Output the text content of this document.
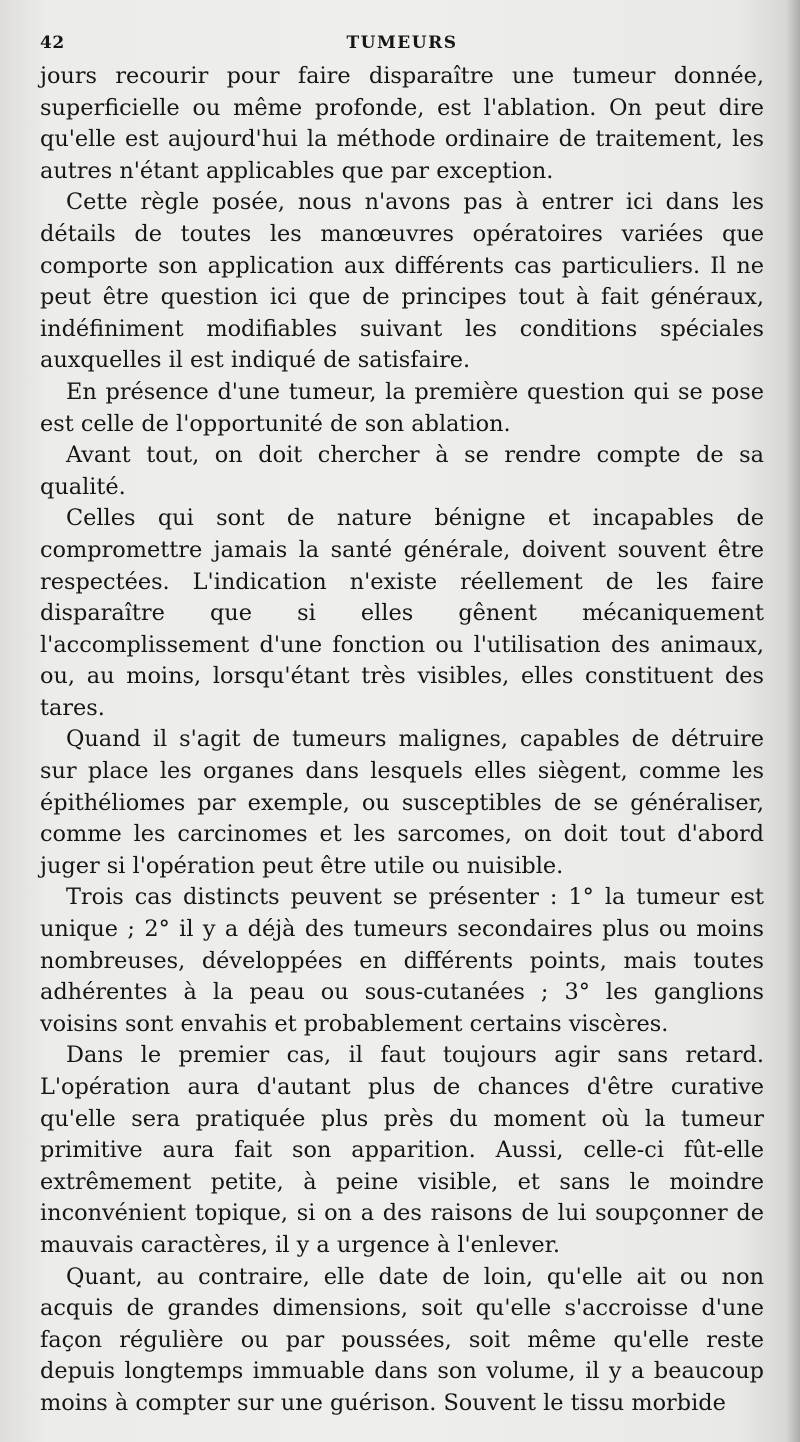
42	TUMEURS

jours recourir pour faire disparaître une tumeur donnée, superficielle ou même profonde, est l'ablation. On peut dire qu'elle est aujourd'hui la méthode ordinaire de traitement, les autres n'étant applicables que par exception.

Cette règle posée, nous n'avons pas à entrer ici dans les détails de toutes les manœuvres opératoires variées que comporte son application aux différents cas particuliers. Il ne peut être question ici que de principes tout à fait généraux, indéfiniment modifiables suivant les conditions spéciales auxquelles il est indiqué de satisfaire.

En présence d'une tumeur, la première question qui se pose est celle de l'opportunité de son ablation.

Avant tout, on doit chercher à se rendre compte de sa qualité.

Celles qui sont de nature bénigne et incapables de compromettre jamais la santé générale, doivent souvent être respectées. L'indication n'existe réellement de les faire disparaître que si elles gênent mécaniquement l'accomplissement d'une fonction ou l'utilisation des animaux, ou, au moins, lorsqu'étant très visibles, elles constituent des tares.

Quand il s'agit de tumeurs malignes, capables de détruire sur place les organes dans lesquels elles siègent, comme les épithéliomes par exemple, ou susceptibles de se généraliser, comme les carcinomes et les sarcomes, on doit tout d'abord juger si l'opération peut être utile ou nuisible.

Trois cas distincts peuvent se présenter : 1° la tumeur est unique ; 2° il y a déjà des tumeurs secondaires plus ou moins nombreuses, développées en différents points, mais toutes adhérentes à la peau ou sous-cutanées ; 3° les ganglions voisins sont envahis et probablement certains viscères.

Dans le premier cas, il faut toujours agir sans retard. L'opération aura d'autant plus de chances d'être curative qu'elle sera pratiquée plus près du moment où la tumeur primitive aura fait son apparition. Aussi, celle-ci fût-elle extrêmement petite, à peine visible, et sans le moindre inconvénient topique, si on a des raisons de lui soupçonner de mauvais caractères, il y a urgence à l'enlever.

Quant, au contraire, elle date de loin, qu'elle ait ou non acquis de grandes dimensions, soit qu'elle s'accroisse d'une façon régulière ou par poussées, soit même qu'elle reste depuis longtemps immuable dans son volume, il y a beaucoup moins à compter sur une guérison. Souvent le tissu morbide
